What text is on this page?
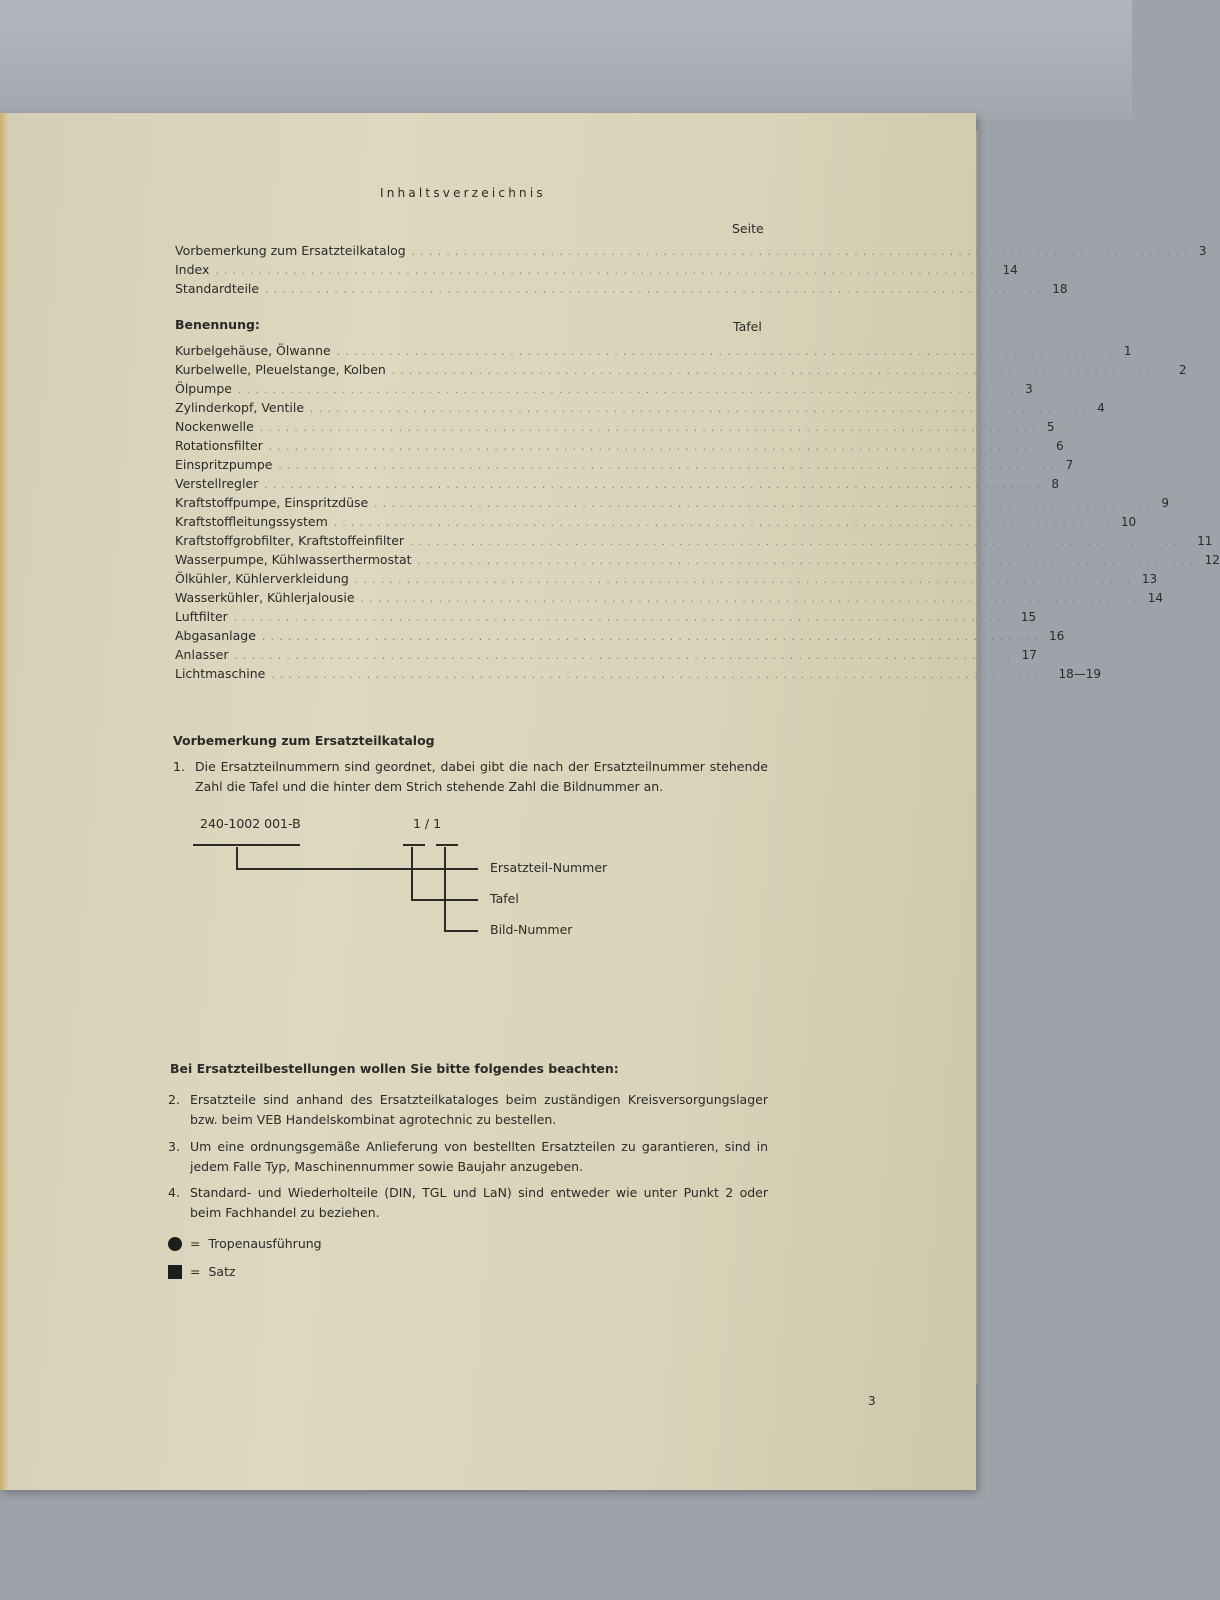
Inhaltsverzeichnis
Seite
Vorbemerkung zum Ersatzteilkatalog .......................................................................................... 3
Index .......................................................................................... 14
Standardteile .......................................................................................... 18
Benennung:	Tafel
Kurbelgehäuse, Ölwanne .......................................................................................... 1
Kurbelwelle, Pleuelstange, Kolben .......................................................................................... 2
Ölpumpe .......................................................................................... 3
Zylinderkopf, Ventile .......................................................................................... 4
Nockenwelle .......................................................................................... 5
Rotationsfilter .......................................................................................... 6
Einspritzpumpe .......................................................................................... 7
Verstellregler .......................................................................................... 8
Kraftstoffpumpe, Einspritzdüse .......................................................................................... 9
Kraftstoffleitungssystem .......................................................................................... 10
Kraftstoffgrobfilter, Kraftstoffeinfilter .......................................................................................... 11
Wasserpumpe, Kühlwasserthermostat .......................................................................................... 12
Ölkühler, Kühlerverkleidung .......................................................................................... 13
Wasserkühler, Kühlerjalousie .......................................................................................... 14
Luftfilter .......................................................................................... 15
Abgasanlage .......................................................................................... 16
Anlasser .......................................................................................... 17
Lichtmaschine .......................................................................................... 18—19
Vorbemerkung zum Ersatzteilkatalog
1. Die Ersatzteilnummern sind geordnet, dabei gibt die nach der Ersatzteilnummer stehende Zahl die Tafel und die hinter dem Strich stehende Zahl die Bildnummer an.
240-1002 001-B	1 / 1
Ersatzteil-Nummer
Tafel
Bild-Nummer
Bei Ersatzteilbestellungen wollen Sie bitte folgendes beachten:
2. Ersatzteile sind anhand des Ersatzteilkataloges beim zuständigen Kreisversorgungslager bzw. beim VEB Handelskombinat agrotechnic zu bestellen.
3. Um eine ordnungsgemäße Anlieferung von bestellten Ersatzteilen zu garantieren, sind in jedem Falle Typ, Maschinennummer sowie Baujahr anzugeben.
4. Standard- und Wiederholteile (DIN, TGL und LaN) sind entweder wie unter Punkt 2 oder beim Fachhandel zu beziehen.
= Tropenausführung
= Satz
3
